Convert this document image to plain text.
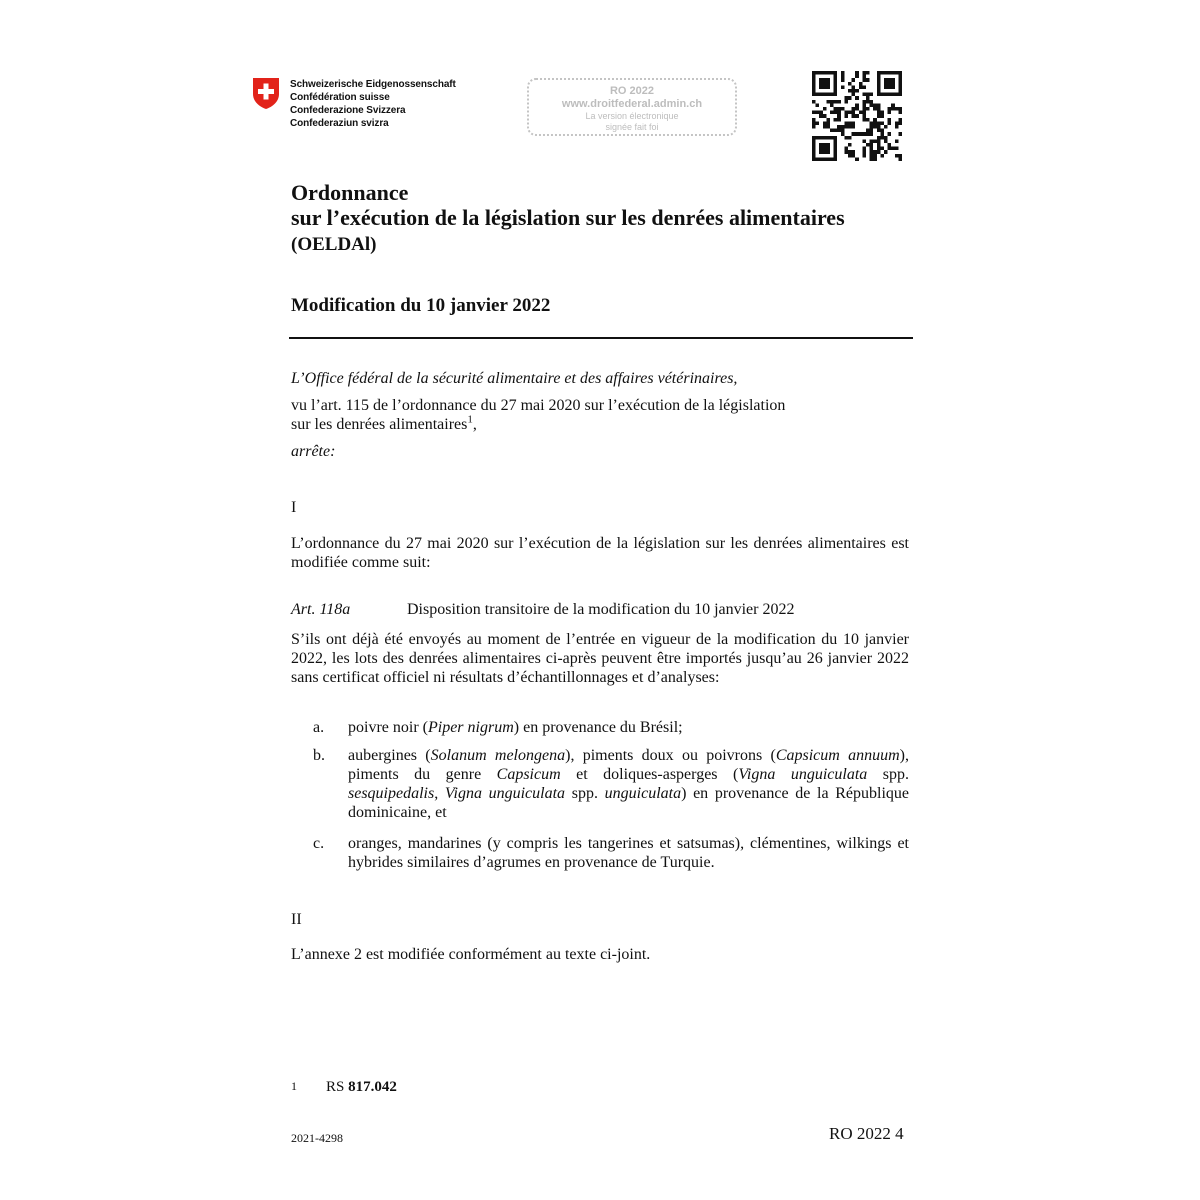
Schweizerische Eidgenossenschaft
Confédération suisse
Confederazione Svizzera
Confederaziun svizra
RO 2022
www.droitfederal.admin.ch
La version électronique
signée fait foi
Ordonnance
sur l’exécution de la législation sur les denrées alimentaires
(OELDAl)
Modification du 10 janvier 2022
L’Office fédéral de la sécurité alimentaire et des affaires vétérinaires,
vu l’art. 115 de l’ordonnance du 27 mai 2020 sur l’exécution de la législation
sur les denrées alimentaires$^1$,
arrête:
I
L’ordonnance du 27 mai 2020 sur l’exécution de la législation sur les denrées alimentaires est modifiée comme suit:
Art. 118a	Disposition transitoire de la modification du 10 janvier 2022
S’ils ont déjà été envoyés au moment de l’entrée en vigueur de la modification du 10 janvier 2022, les lots des denrées alimentaires ci-après peuvent être importés jusqu’au 26 janvier 2022 sans certificat officiel ni résultats d’échantillonnages et d’analyses:
a. poivre noir (Piper nigrum) en provenance du Brésil;
b. aubergines (Solanum melongena), piments doux ou poivrons (Capsicum annuum), piments du genre Capsicum et doliques-asperges (Vigna unguiculata spp. sesquipedalis, Vigna unguiculata spp. unguiculata) en provenance de la République dominicaine, et
c. oranges, mandarines (y compris les tangerines et satsumas), clémentines, wilkings et hybrides similaires d’agrumes en provenance de Turquie.
II
L’annexe 2 est modifiée conformément au texte ci-joint.
1 RS 817.042
2021-4298	RO 2022 4
